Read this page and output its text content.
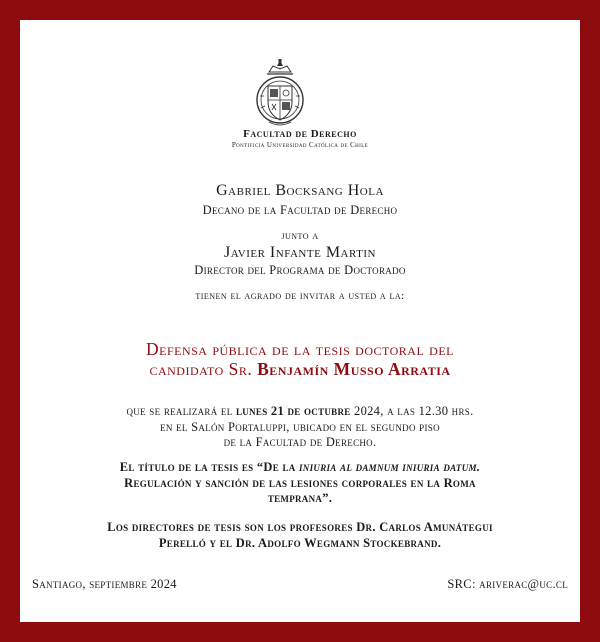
Facultad de Derecho
Pontificia Universidad Católica de Chile
Gabriel Bocksang Hola
Decano de la Facultad de Derecho
junto a
Javier Infante Martin
Director del Programa de Doctorado
tienen el agrado de invitar a usted a la:
Defensa pública de la tesis doctoral del
candidato Sr. Benjamín Musso Arratia
que se realizará el lunes 21 de octubre 2024, a las 12.30 hrs.
en el Salón Portaluppi, ubicado en el segundo piso
de la Facultad de Derecho.
El título de la tesis es “De la iniuria al damnum iniuria datum.
Regulación y sanción de las lesiones corporales en la Roma
temprana”.
Los directores de tesis son los profesores Dr. Carlos Amunátegui
Perelló y el Dr. Adolfo Wegmann Stockebrand.
Santiago, septiembre 2024	SRC: ariverac@uc.cl
